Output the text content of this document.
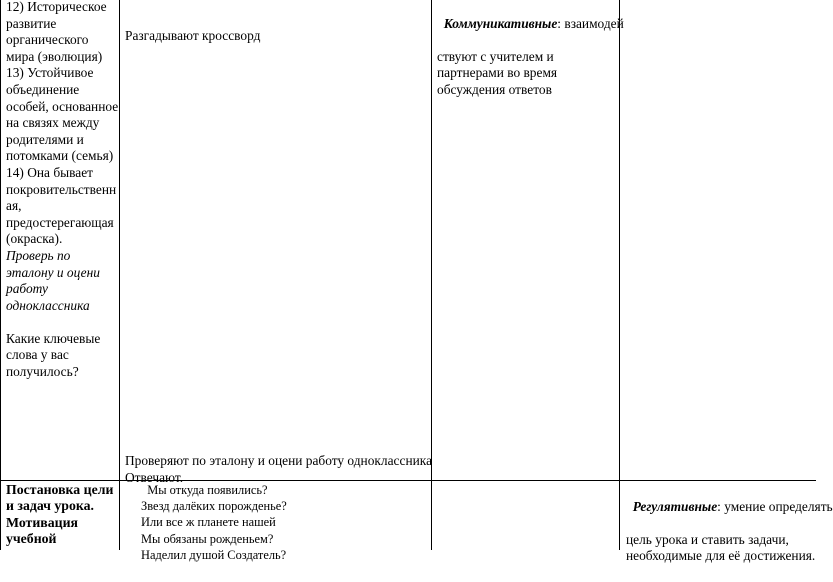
12) Историческое
развитие
органического
мира (эволюция)
13) Устойчивое
объединение
особей, основанное
на связях между
родителями и
потомками (семья)
14) Она бывает
покровительственн
ая,
предостерегающая
(окраска).
Проверь по
эталону и оцени
работу
одноклассника

Какие ключевые
слова у вас
получилось?
Разгадывают кроссворд
Проверяют по эталону и оцени работу одноклассника
Отвечают.

Коммуникативные: взаимодей

ствуют с учителем и
партнерами во время
обсуждения ответов

Постановка цели
и задач урока.
Мотивация
учебной
Мы откуда появились?
Звезд далёких порожденье?
Или все ж планете нашей
Мы обязаны рожденьем?
Наделил душой Создатель?

Регулятивные: умение определять

цель урока и ставить задачи,
необходимые для её достижения.
